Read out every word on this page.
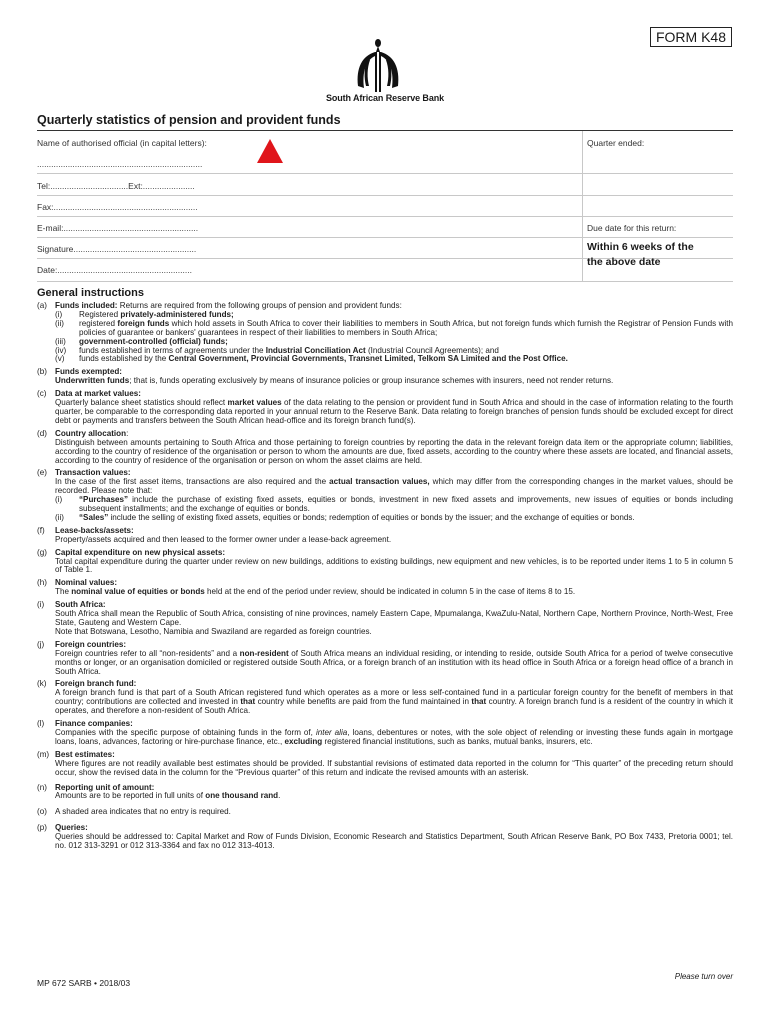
FORM K48
South African Reserve Bank
Quarterly statistics of pension and provident funds
Name of authorised official (in capital letters):
......................................................................
Tel:.................................Ext:......................
Fax:.............................................................
E-mail:.........................................................
Signature....................................................
Date:.........................................................
Quarter ended:
Due date for this return:
Within 6 weeks of the
the above date
General instructions
(a) Funds included: Returns are required from the following groups of pension and provident funds:
(i) Registered privately-administered funds;
(ii) registered foreign funds which hold assets in South Africa to cover their liabilities to members in South Africa, but not foreign funds which furnish the Registrar of Pension Funds with policies of guarantee or bankers' guarantees in respect of their liabilities to members in South Africa;
(iii) government-controlled (official) funds;
(iv) funds established in terms of agreements under the Industrial Conciliation Act (Industrial Council Agreements); and
(v) funds established by the Central Government, Provincial Governments, Transnet Limited, Telkom SA Limited and the Post Office.
(b) Funds exempted:
Underwritten funds; that is, funds operating exclusively by means of insurance policies or group insurance schemes with insurers, need not render returns.
(c) Data at market values:
Quarterly balance sheet statistics should reflect market values of the data relating to the pension or provident fund in South Africa and should in the case of information relating to the fourth quarter, be comparable to the corresponding data reported in your annual return to the Reserve Bank. Data relating to foreign branches of pension funds should be excluded except for direct debt or payments and transfers between the South African head-office and its foreign branch fund(s).
(d) Country allocation:
Distinguish between amounts pertaining to South Africa and those pertaining to foreign countries by reporting the data in the relevant foreign data item or the appropriate column; liabilities, according to the country of residence of the organisation or person to whom the amounts are due, fixed assets, according to the country where these assets are located, and financial assets, according to the country of residence of the organisation or person on whom the asset claims are held.
(e) Transaction values:
In the case of the first asset items, transactions are also required and the actual transaction values, which may differ from the corresponding changes in the market values, should be recorded. Please note that:
(i) “Purchases” include the purchase of existing fixed assets, equities or bonds, investment in new fixed assets and improvements, new issues of equities or bonds including subsequent installments; and the exchange of equities or bonds.
(ii) “Sales” include the selling of existing fixed assets, equities or bonds; redemption of equities or bonds by the issuer; and the exchange of equities or bonds.
(f) Lease-backs/assets:
Property/assets acquired and then leased to the former owner under a lease-back agreement.
(g) Capital expenditure on new physical assets:
Total capital expenditure during the quarter under review on new buildings, additions to existing buildings, new equipment and new vehicles, is to be reported under items 1 to 5 in column 5 of Table 1.
(h) Nominal values:
The nominal value of equities or bonds held at the end of the period under review, should be indicated in column 5 in the case of items 8 to 15.
(i) South Africa:
South Africa shall mean the Republic of South Africa, consisting of nine provinces, namely Eastern Cape, Mpumalanga, KwaZulu-Natal, Northern Cape, Northern Province, North-West, Free State, Gauteng and Western Cape.
Note that Botswana, Lesotho, Namibia and Swaziland are regarded as foreign countries.
(j) Foreign countries:
Foreign countries refer to all “non-residents” and a non-resident of South Africa means an individual residing, or intending to reside, outside South Africa for a period of twelve consecutive months or longer, or an organisation domiciled or registered outside South Africa, or a foreign branch of an institution with its head office in South Africa or a foreign head office of a branch in South Africa.
(k) Foreign branch fund:
A foreign branch fund is that part of a South African registered fund which operates as a more or less self-contained fund in a particular foreign country for the benefit of members in that country; contributions are collected and invested in that country while benefits are paid from the fund maintained in that country. A foreign branch fund is a resident of the country in which it operates, and therefore a non-resident of South Africa.
(l) Finance companies:
Companies with the specific purpose of obtaining funds in the form of, inter alia, loans, debentures or notes, with the sole object of relending or investing these funds again in mortgage loans, loans, advances, factoring or hire-purchase finance, etc., excluding registered financial institutions, such as banks, mutual banks, insurers, etc.
(m) Best estimates:
Where figures are not readily available best estimates should be provided. If substantial revisions of estimated data reported in the column for “This quarter” of the preceding return should occur, show the revised data in the column for the “Previous quarter” of this return and indicate the revised amounts with an asterisk.
(n) Reporting unit of amount:
Amounts are to be reported in full units of one thousand rand.
(o) A shaded area indicates that no entry is required.
(p) Queries:
Queries should be addressed to: Capital Market and Row of Funds Division, Economic Research and Statistics Department, South African Reserve Bank, PO Box 7433, Pretoria 0001; tel. no. 012 313-3291 or 012 313-3364 and fax no 012 313-4013.
MP 672 SARB • 2018/03
Please turn over
